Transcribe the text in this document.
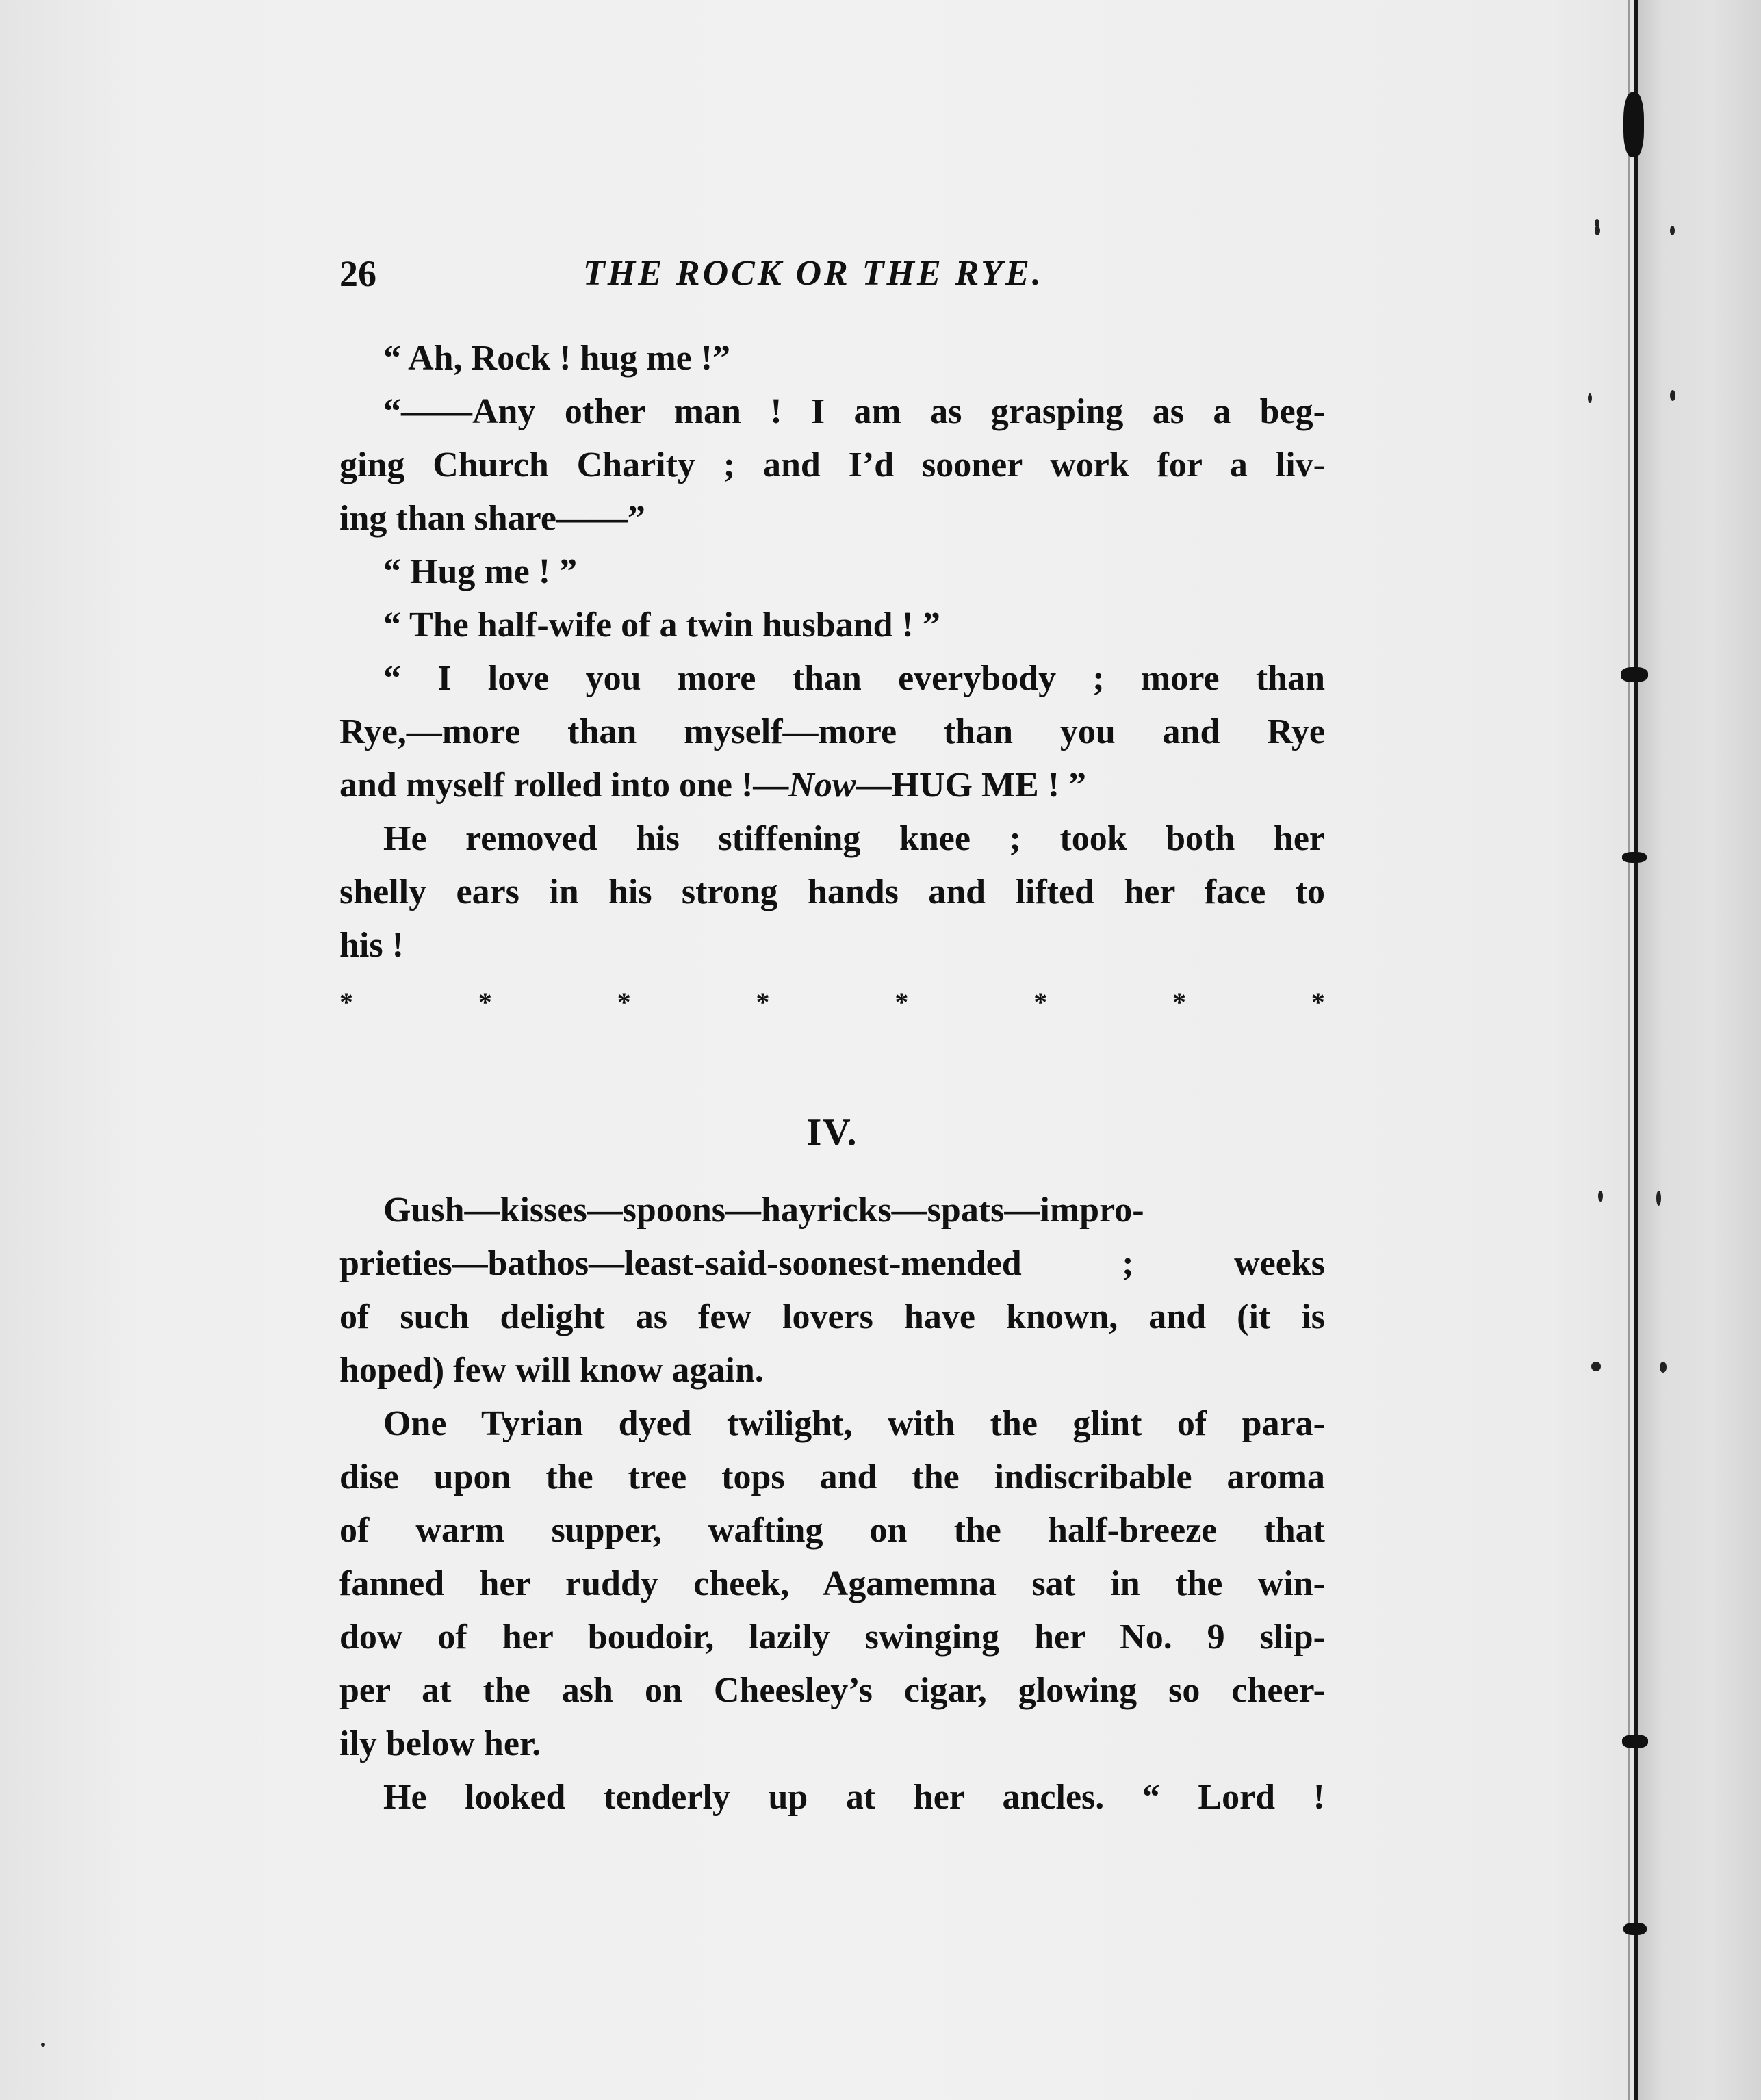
26	THE ROCK OR THE RYE.
“ Ah, Rock ! hug me !”
“——Any other man ! I am as grasping as a beg-
ging Church Charity ; and I’d sooner work for a liv-
ing than share——”
“ Hug me ! ”
“ The half-wife of a twin husband ! ”
“ I love you more than everybody ; more than
Rye,—more than myself—more than you and Rye
and myself rolled into one !—Now—HUG ME ! ”
He removed his stiffening knee ; took both her
shelly ears in his strong hands and lifted her face to
his !
*	*	*	*	*	*	*	*
IV.
Gush—kisses—spoons—hayricks—spats—impro-
prieties—bathos—least-said-soonest-mended ; weeks
of such delight as few lovers have known, and (it is
hoped) few will know again.
One Tyrian dyed twilight, with the glint of para-
dise upon the tree tops and the indiscribable aroma
of warm supper, wafting on the half-breeze that
fanned her ruddy cheek, Agamemna sat in the win-
dow of her boudoir, lazily swinging her No. 9 slip-
per at the ash on Cheesley’s cigar, glowing so cheer-
ily below her.
He looked tenderly up at her ancles. “ Lord !
